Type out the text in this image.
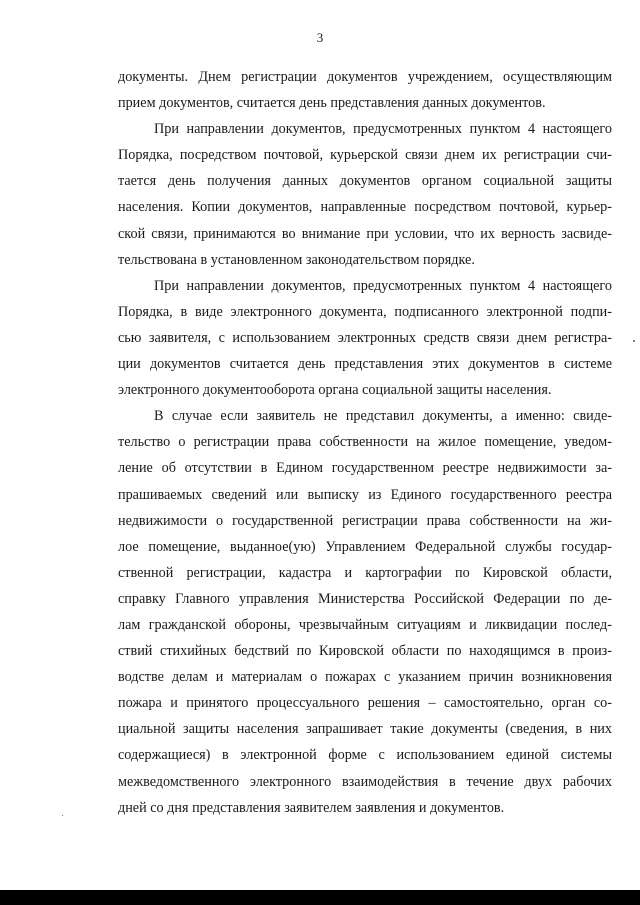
3
документы. Днем регистрации документов учреждением, осуществляющим
прием документов, считается день представления данных документов.
При направлении документов, предусмотренных пунктом 4 настоящего
Порядка, посредством почтовой, курьерской связи днем их регистрации счи-
тается день получения данных документов органом социальной защиты
населения. Копии документов, направленные посредством почтовой, курьер-
ской связи, принимаются во внимание при условии, что их верность засвиде-
тельствована в установленном законодательством порядке.
При направлении документов, предусмотренных пунктом 4 настоящего
Порядка, в виде электронного документа, подписанного электронной подпи-
сью заявителя, с использованием электронных средств связи днем регистра-
ции документов считается день представления этих документов в системе
электронного документооборота органа социальной защиты населения.
В случае если заявитель не представил документы, а именно: свиде-
тельство о регистрации права собственности на жилое помещение, уведом-
ление об отсутствии в Едином государственном реестре недвижимости за-
прашиваемых сведений или выписку из Единого государственного реестра
недвижимости о государственной регистрации права собственности на жи-
лое помещение, выданное(ую) Управлением Федеральной службы государ-
ственной регистрации, кадастра и картографии по Кировской области,
справку Главного управления Министерства Российской Федерации по де-
лам гражданской обороны, чрезвычайным ситуациям и ликвидации послед-
ствий стихийных бедствий по Кировской области по находящимся в произ-
водстве делам и материалам о пожарах с указанием причин возникновения
пожара и принятого процессуального решения – самостоятельно, орган со-
циальной защиты населения запрашивает такие документы (сведения, в них
содержащиеся) в электронной форме с использованием единой системы
межведомственного электронного взаимодействия в течение двух рабочих
дней со дня представления заявителем заявления и документов.
